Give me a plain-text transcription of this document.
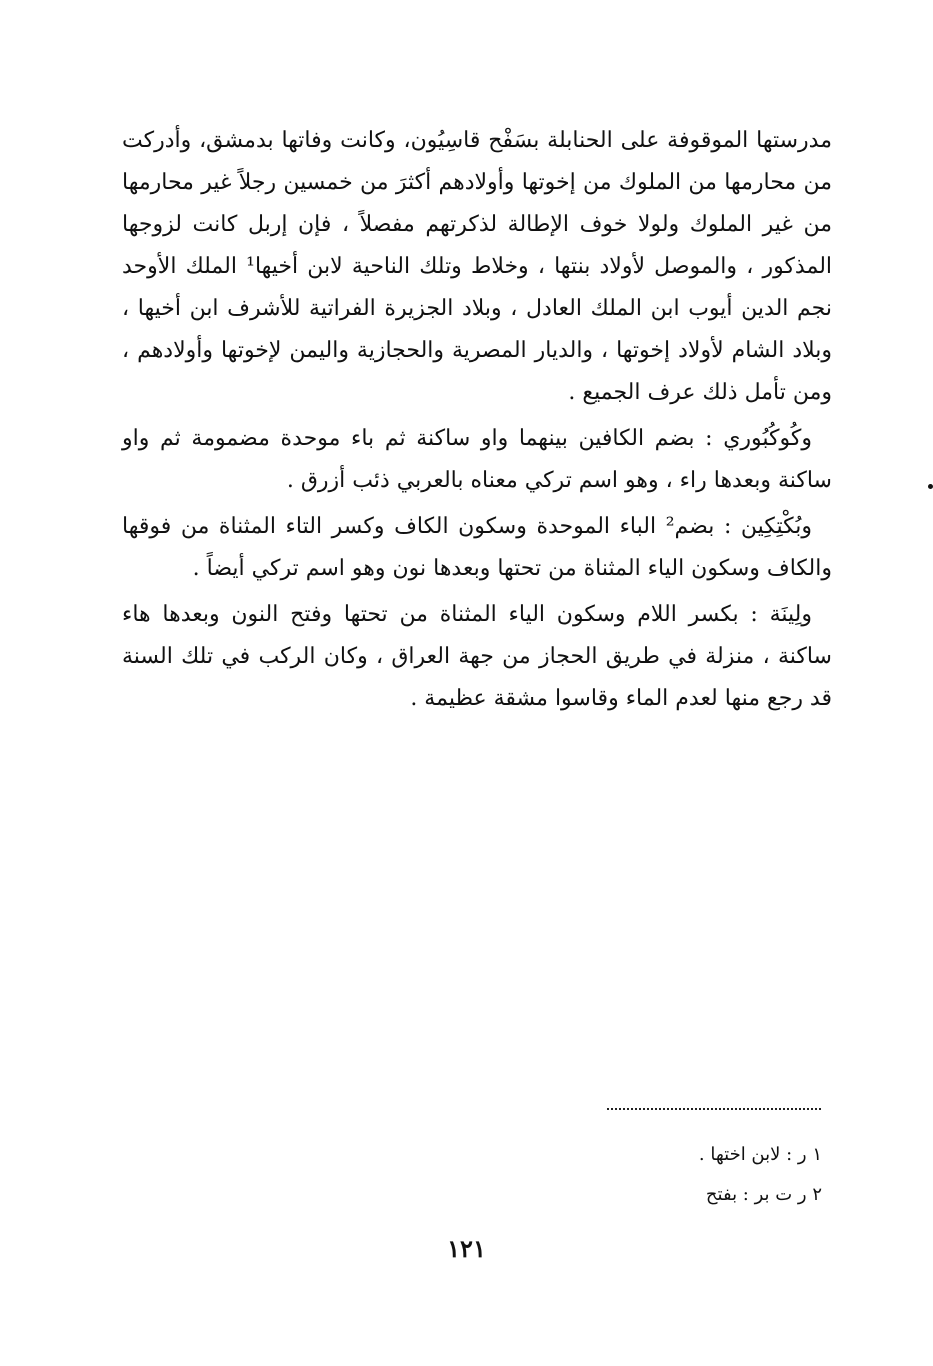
مدرستها الموقوفة على الحنابلة بسَفْح قاسِيُون، وكانت وفاتها بدمشق، وأدركت من محارمها من الملوك من إخوتها وأولادهم أكثرَ من خمسين رجلاً غير محارمها من غير الملوك ولولا خوف الإطالة لذكرتهم مفصلاً ، فإن إربل كانت لزوجها المذكور ، والموصل لأولاد بنتها ، وخلاط وتلك الناحية لابن أخيها¹ الملك الأوحد نجم الدين أيوب ابن الملك العادل ، وبلاد الجزيرة الفراتية للأشرف ابن أخيها ، وبلاد الشام لأولاد إخوتها ، والديار المصرية والحجازية واليمن لإخوتها وأولادهم ، ومن تأمل ذلك عرف الجميع .

وكُوكُبُوري : بضم الكافين بينهما واو ساكنة ثم باء موحدة مضمومة ثم واو ساكنة وبعدها راء ، وهو اسم تركي معناه بالعربي ذئب أزرق .

وبُكْتِكِين : بضم² الباء الموحدة وسكون الكاف وكسر التاء المثناة من فوقها والكاف وسكون الياء المثناة من تحتها وبعدها نون وهو اسم تركي أيضاً .

ولِينَة : بكسر اللام وسكون الياء المثناة من تحتها وفتح النون وبعدها هاء ساكنة ، منزلة في طريق الحجاز من جهة العراق ، وكان الركب في تلك السنة قد رجع منها لعدم الماء وقاسوا مشقة عظيمة .

١ ر : لابن اختها .

٢ ر ت بر : بفتح

١٢١
